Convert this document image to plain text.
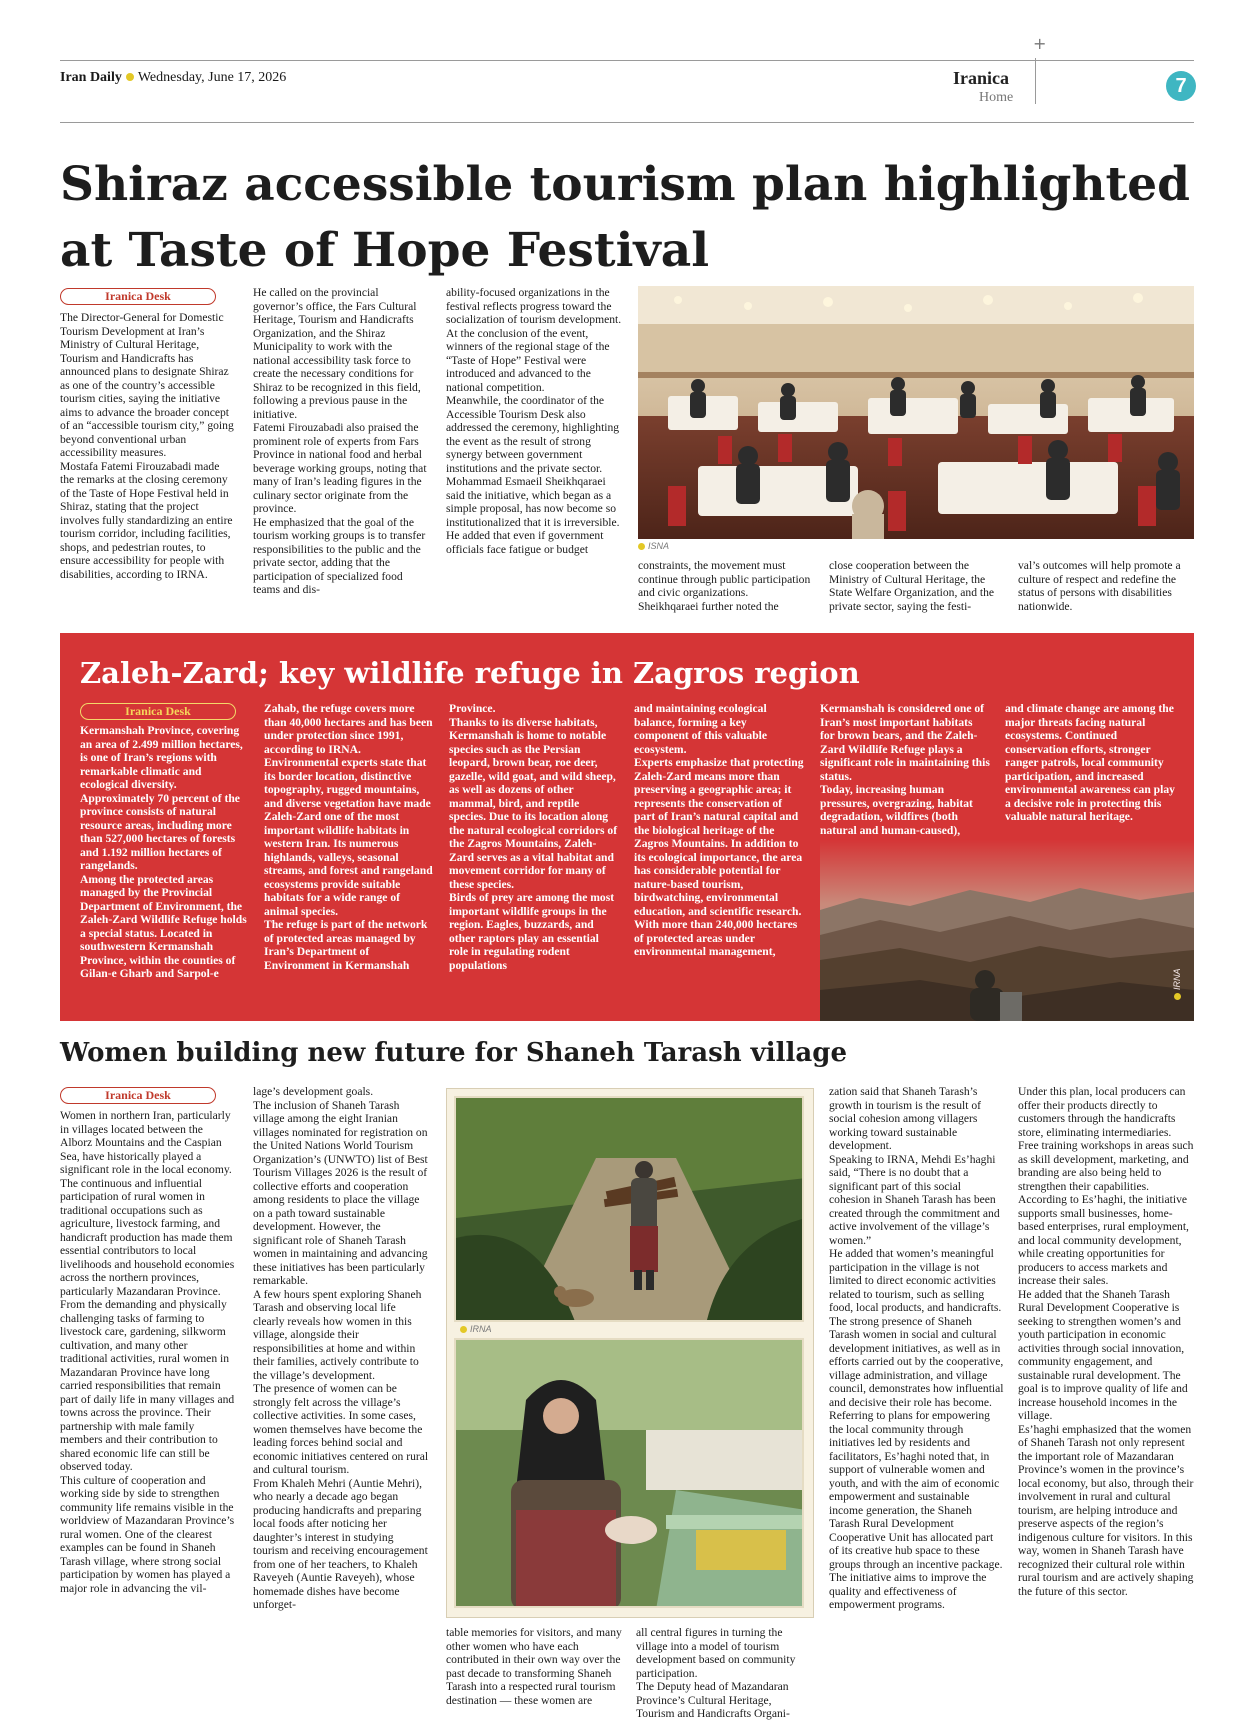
+
Iran Daily Wednesday, June 17, 2026	Iranica
Home
7
Shiraz accessible tourism plan highlighted
at Taste of Hope Festival
Iranica Desk

The Director-General for Domestic Tourism Development at Iran’s Ministry of Cultural Heritage, Tourism and Handicrafts has announced plans to designate Shiraz as one of the country’s accessible tourism cities, saying the initiative aims to advance the broader concept of an “accessible tourism city,” going beyond conventional urban accessibility measures.

Mostafa Fatemi Firouzabadi made the remarks at the closing ceremony of the Taste of Hope Festival held in Shiraz, stating that the project involves fully standardizing an entire tourism corridor, including facilities, shops, and pedestrian routes, to ensure accessibility for people with disabilities, according to IRNA.

He called on the provincial governor’s office, the Fars Cultural Heritage, Tourism and Handicrafts Organization, and the Shiraz Municipality to work with the national accessibility task force to create the necessary conditions for Shiraz to be recognized in this field, following a previous pause in the initiative.

Fatemi Firouzabadi also praised the prominent role of experts from Fars Province in national food and herbal beverage working groups, noting that many of Iran’s leading figures in the culinary sector originate from the province.

He emphasized that the goal of the tourism working groups is to transfer responsibilities to the public and the private sector, adding that the participation of specialized food teams and dis-

ability-focused organizations in the festival reflects progress toward the socialization of tourism development.

At the conclusion of the event, winners of the regional stage of the “Taste of Hope” Festival were introduced and advanced to the national competition.

Meanwhile, the coordinator of the Accessible Tourism Desk also addressed the ceremony, highlighting the event as the result of strong synergy between government institutions and the private sector.

Mohammad Esmaeil Sheikhqaraei said the initiative, which began as a simple proposal, has now become so institutionalized that it is irreversible.

He added that even if government officials face fatigue or budget	ISNA

constraints, the movement must continue through public participation and civic organizations.

Sheikhqaraei further noted the

close cooperation between the Ministry of Cultural Heritage, the State Welfare Organization, and the private sector, saying the festi-

val’s outcomes will help promote a culture of respect and redefine the status of persons with disabilities nationwide.

Zaleh-Zard; key wildlife refuge in Zagros region
Iranica Desk

Kermanshah Province, covering an area of 2.499 million hectares, is one of Iran’s regions with remarkable climatic and ecological diversity. Approximately 70 percent of the province consists of natural resource areas, including more than 527,000 hectares of forests and 1.192 million hectares of rangelands.

Among the protected areas managed by the Provincial Department of Environment, the Zaleh-Zard Wildlife Refuge holds a special status. Located in southwestern Kermanshah Province, within the counties of Gilan-e Gharb and Sarpol-e

Zahab, the refuge covers more than 40,000 hectares and has been under protection since 1991, according to IRNA.

Environmental experts state that its border location, distinctive topography, rugged mountains, and diverse vegetation have made Zaleh-Zard one of the most important wildlife habitats in western Iran. Its numerous highlands, valleys, seasonal streams, and forest and rangeland ecosystems provide suitable habitats for a wide range of animal species.

The refuge is part of the network of protected areas managed by Iran’s Department of Environment in Kermanshah

Province.

Thanks to its diverse habitats, Kermanshah is home to notable species such as the Persian leopard, brown bear, roe deer, gazelle, wild goat, and wild sheep, as well as dozens of other mammal, bird, and reptile species. Due to its location along the natural ecological corridors of the Zagros Mountains, Zaleh-Zard serves as a vital habitat and movement corridor for many of these species.

Birds of prey are among the most important wildlife groups in the region. Eagles, buzzards, and other raptors play an essential role in regulating rodent populations

and maintaining ecological balance, forming a key component of this valuable ecosystem.

Experts emphasize that protecting Zaleh-Zard means more than preserving a geographic area; it represents the conservation of part of Iran’s natural capital and the biological heritage of the Zagros Mountains. In addition to its ecological importance, the area has considerable potential for nature-based tourism, birdwatching, environmental education, and scientific research.

With more than 240,000 hectares of protected areas under environmental management,

Kermanshah is considered one of Iran’s most important habitats for brown bears, and the Zaleh-Zard Wildlife Refuge plays a significant role in maintaining this status.

Today, increasing human pressures, overgrazing, habitat degradation, wildfires (both natural and human-caused),

and climate change are among the major threats facing natural ecosystems. Continued conservation efforts, stronger ranger patrols, local community participation, and increased environmental awareness can play a decisive role in protecting this valuable natural heritage.

IRNA
Women building new future for Shaneh Tarash village
Iranica Desk

Women in northern Iran, particularly in villages located between the Alborz Mountains and the Caspian Sea, have historically played a significant role in the local economy.

The continuous and influential participation of rural women in traditional occupations such as agriculture, livestock farming, and handicraft production has made them essential contributors to local livelihoods and household economies across the northern provinces, particularly Mazandaran Province.

From the demanding and physically challenging tasks of farming to livestock care, gardening, silkworm cultivation, and many other traditional activities, rural women in Mazandaran Province have long carried responsibilities that remain part of daily life in many villages and towns across the province. Their partnership with male family members and their contribution to shared economic life can still be observed today.

This culture of cooperation and working side by side to strengthen community life remains visible in the worldview of Mazandaran Province’s rural women. One of the clearest examples can be found in Shaneh Tarash village, where strong social participation by women has played a major role in advancing the vil-

lage’s development goals.

The inclusion of Shaneh Tarash village among the eight Iranian villages nominated for registration on the United Nations World Tourism Organization’s (UNWTO) list of Best Tourism Villages 2026 is the result of collective efforts and cooperation among residents to place the village on a path toward sustainable development. However, the significant role of Shaneh Tarash women in maintaining and advancing these initiatives has been particularly remarkable.

A few hours spent exploring Shaneh Tarash and observing local life clearly reveals how women in this village, alongside their responsibilities at home and within their families, actively contribute to the village’s development.

The presence of women can be strongly felt across the village’s collective activities. In some cases, women themselves have become the leading forces behind social and economic initiatives centered on rural and cultural tourism.

From Khaleh Mehri (Auntie Mehri), who nearly a decade ago began producing handicrafts and preparing local foods after noticing her daughter’s interest in studying tourism and receiving encouragement from one of her teachers, to Khaleh Raveyeh (Auntie Raveyeh), whose homemade dishes have become unforget-

IRNA

table memories for visitors, and many other women who have each contributed in their own way over the past decade to transforming Shaneh Tarash into a respected rural tourism destination — these women are

all central figures in turning the village into a model of tourism development based on community participation.

The Deputy head of Mazandaran Province’s Cultural Heritage, Tourism and Handicrafts Organi-

zation said that Shaneh Tarash’s growth in tourism is the result of social cohesion among villagers working toward sustainable development.

Speaking to IRNA, Mehdi Es’haghi said, “There is no doubt that a significant part of this social cohesion in Shaneh Tarash has been created through the commitment and active involvement of the village’s women.”

He added that women’s meaningful participation in the village is not limited to direct economic activities related to tourism, such as selling food, local products, and handicrafts. The strong presence of Shaneh Tarash women in social and cultural development initiatives, as well as in efforts carried out by the cooperative, village administration, and village council, demonstrates how influential and decisive their role has become.

Referring to plans for empowering the local community through initiatives led by residents and facilitators, Es’haghi noted that, in support of vulnerable women and youth, and with the aim of economic empowerment and sustainable income generation, the Shaneh Tarash Rural Development Cooperative Unit has allocated part of its creative hub space to these groups through an incentive package. The initiative aims to improve the quality and effectiveness of empowerment programs.

Under this plan, local producers can offer their products directly to customers through the handicrafts store, eliminating intermediaries. Free training workshops in areas such as skill development, marketing, and branding are also being held to strengthen their capabilities.

According to Es’haghi, the initiative supports small businesses, home-based enterprises, rural employment, and local community development, while creating opportunities for producers to access markets and increase their sales.

He added that the Shaneh Tarash Rural Development Cooperative is seeking to strengthen women’s and youth participation in economic activities through social innovation, community engagement, and sustainable rural development. The goal is to improve quality of life and increase household incomes in the village.

Es’haghi emphasized that the women of Shaneh Tarash not only represent the important role of Mazandaran Province’s women in the province’s local economy, but also, through their involvement in rural and cultural tourism, are helping introduce and preserve aspects of the region’s indigenous culture for visitors. In this way, women in Shaneh Tarash have recognized their cultural role within rural tourism and are actively shaping the future of this sector.
